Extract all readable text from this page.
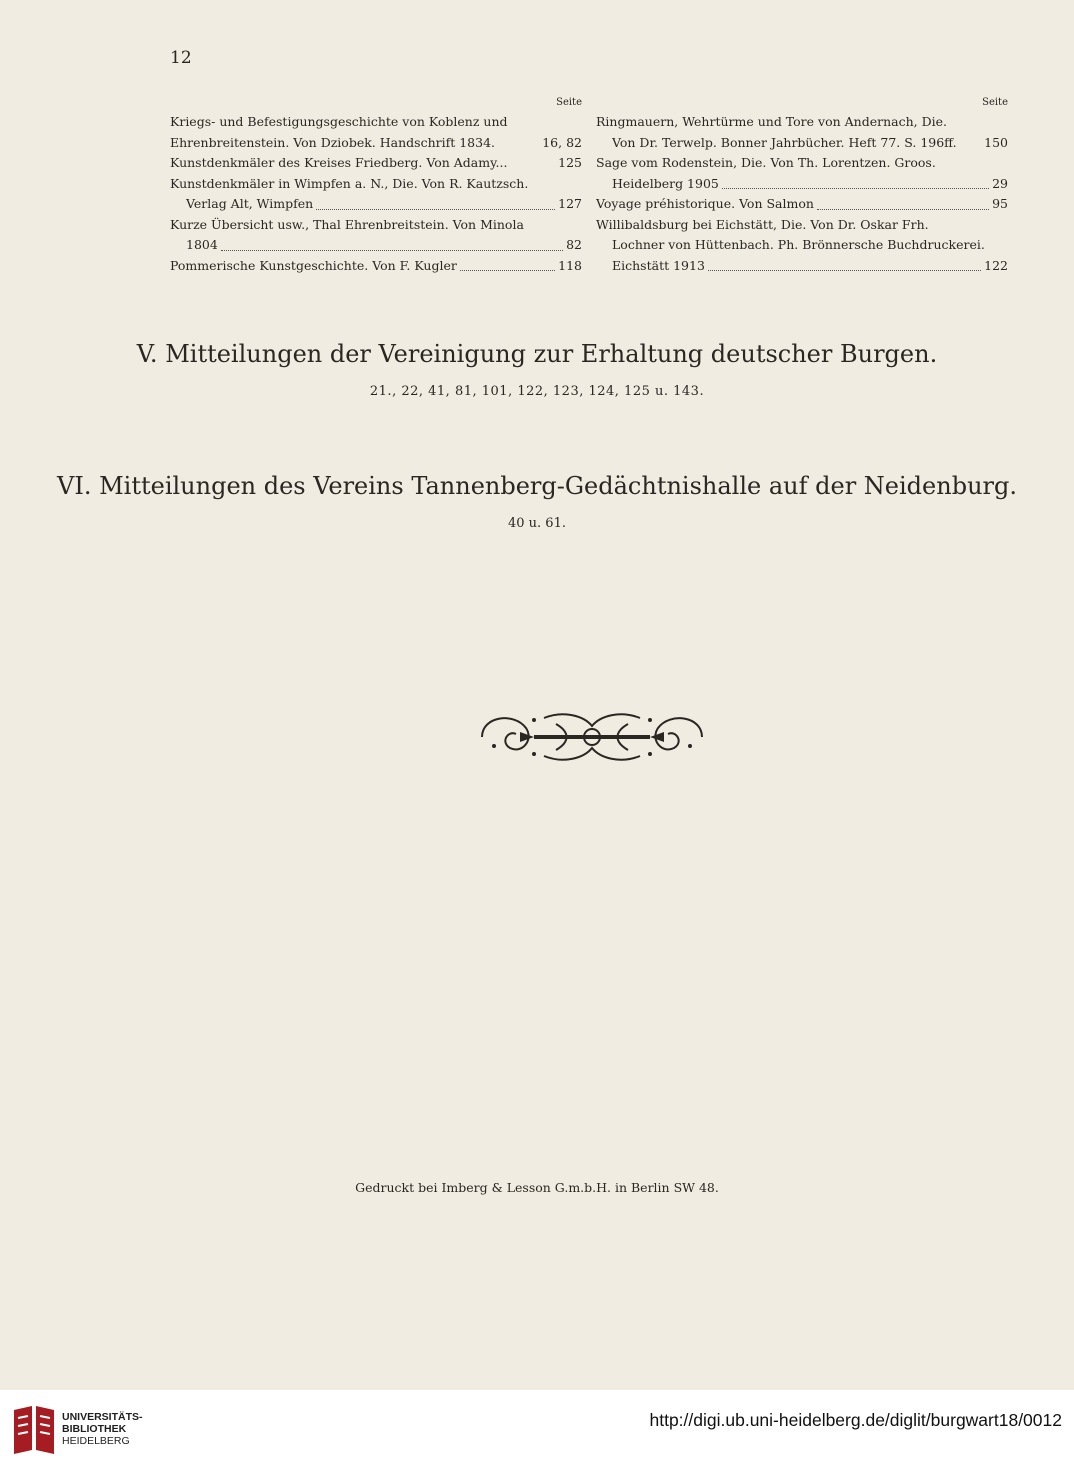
12
Seite
Kriegs- und Befestigungsgeschichte von Koblenz und
Ehrenbreitenstein. Von Dziobek. Handschrift 1834.	16, 82
Kunstdenkmäler des Kreises Friedberg. Von Adamy...	125
Kunstdenkmäler in Wimpfen a. N., Die. Von R. Kautzsch.
Verlag Alt, Wimpfen	127
Kurze Übersicht usw., Thal Ehrenbreitstein. Von Minola
1804	82
Pommerische Kunstgeschichte. Von F. Kugler	118
Seite
Ringmauern, Wehrtürme und Tore von Andernach, Die.
Von Dr. Terwelp. Bonner Jahrbücher. Heft 77. S. 196ff.	150
Sage vom Rodenstein, Die. Von Th. Lorentzen. Groos.
Heidelberg 1905	29
Voyage préhistorique. Von Salmon	95
Willibaldsburg bei Eichstätt, Die. Von Dr. Oskar Frh.
Lochner von Hüttenbach. Ph. Brönnersche Buchdruckerei.
Eichstätt 1913	122
V. Mitteilungen der Vereinigung zur Erhaltung deutscher Burgen.
21., 22, 41, 81, 101, 122, 123, 124, 125 u. 143.
VI. Mitteilungen des Vereins Tannenberg-Gedächtnishalle auf der Neidenburg.
40 u. 61.
Gedruckt bei Imberg & Lesson G.m.b.H. in Berlin SW 48.
UNIVERSITÄTS-
BIBLIOTHEK
HEIDELBERG
http://digi.ub.uni-heidelberg.de/diglit/burgwart18/0012
